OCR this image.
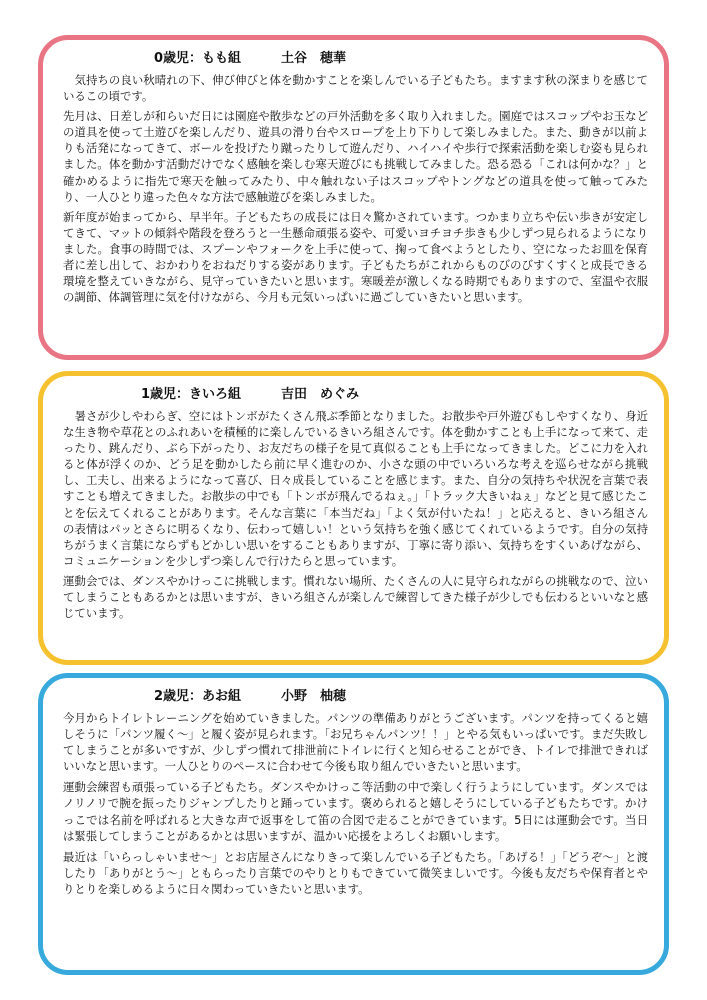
0歳児：もも組	土谷　穂華

　気持ちの良い秋晴れの下、伸び伸びと体を動かすことを楽しんでいる子どもたち。ますます秋の深まりを感じているこの頃です。

先月は、日差しが和らいだ日には園庭や散歩などの戸外活動を多く取り入れました。園庭ではスコップやお玉などの道具を使って土遊びを楽しんだり、遊具の滑り台やスロープを上り下りして楽しみました。また、動きが以前よりも活発になってきて、ボールを投げたり蹴ったりして遊んだり、ハイハイや歩行で探索活動を楽しむ姿も見られました。体を動かす活動だけでなく感触を楽しむ寒天遊びにも挑戦してみました。恐る恐る「これは何かな？」と確かめるように指先で寒天を触ってみたり、中々触れない子はスコップやトングなどの道具を使って触ってみたり、一人ひとり違った色々な方法で感触遊びを楽しみました。

新年度が始まってから、早半年。子どもたちの成長には日々驚かされています。つかまり立ちや伝い歩きが安定してきて、マットの傾斜や階段を登ろうと一生懸命頑張る姿や、可愛いヨチヨチ歩きも少しずつ見られるようになりました。食事の時間では、スプーンやフォークを上手に使って、掬って食べようとしたり、空になったお皿を保育者に差し出して、おかわりをおねだりする姿があります。子どもたちがこれからものびのびすくすくと成長できる環境を整えていきながら、見守っていきたいと思います。寒暖差が激しくなる時期でもありますので、室温や衣服の調節、体調管理に気を付けながら、今月も元気いっぱいに過ごしていきたいと思います。

1歳児：きいろ組	吉田　めぐみ

　暑さが少しやわらぎ、空にはトンボがたくさん飛ぶ季節となりました。お散歩や戸外遊びもしやすくなり、身近な生き物や草花とのふれあいを積極的に楽しんでいるきいろ組さんです。体を動かすことも上手になって来て、走ったり、跳んだり、ぶら下がったり、お友だちの様子を見て真似ることも上手になってきました。どこに力を入れると体が浮くのか、どう足を動かしたら前に早く進むのか、小さな頭の中でいろいろな考えを巡らせながら挑戦し、工夫し、出来るようになって喜び、日々成長していることを感じます。また、自分の気持ちや状況を言葉で表すことも増えてきました。お散歩の中でも「トンボが飛んでるねぇ。」「トラック大きいねぇ」などと見て感じたことを伝えてくれることがあります。そんな言葉に「本当だね」「よく気が付いたね！」と応えると、きいろ組さんの表情はパッとさらに明るくなり、伝わって嬉しい！という気持ちを強く感じてくれているようです。自分の気持ちがうまく言葉にならずもどかしい思いをすることもありますが、丁寧に寄り添い、気持ちをすくいあげながら、コミュニケーションを少しずつ楽しんで行けたらと思っています。

運動会では、ダンスやかけっこに挑戦します。慣れない場所、たくさんの人に見守られながらの挑戦なので、泣いてしまうこともあるかとは思いますが、きいろ組さんが楽しんで練習してきた様子が少しでも伝わるといいなと感じています。

2歳児：あお組	小野　柚穂

今月からトイレトレーニングを始めていきました。パンツの準備ありがとうございます。パンツを持ってくると嬉しそうに「パンツ履く～」と履く姿が見られます。「お兄ちゃんパンツ！！」とやる気もいっぱいです。まだ失敗してしまうことが多いですが、少しずつ慣れて排泄前にトイレに行くと知らせることができ、トイレで排泄できればいいなと思います。一人ひとりのペースに合わせて今後も取り組んでいきたいと思います。

運動会練習も頑張っている子どもたち。ダンスやかけっこ等活動の中で楽しく行うようにしています。ダンスではノリノリで腕を振ったりジャンプしたりと踊っています。褒められると嬉しそうにしている子どもたちです。かけっこでは名前を呼ばれると大きな声で返事をして笛の合図で走ることができています。5日には運動会です。当日は緊張してしまうことがあるかとは思いますが、温かい応援をよろしくお願いします。

最近は「いらっしゃいませ～」とお店屋さんになりきって楽しんでいる子どもたち。「あげる！」「どうぞ～」と渡したり「ありがとう～」ともらったり言葉でのやりとりもできていて微笑ましいです。今後も友だちや保育者とやりとりを楽しめるように日々関わっていきたいと思います。
